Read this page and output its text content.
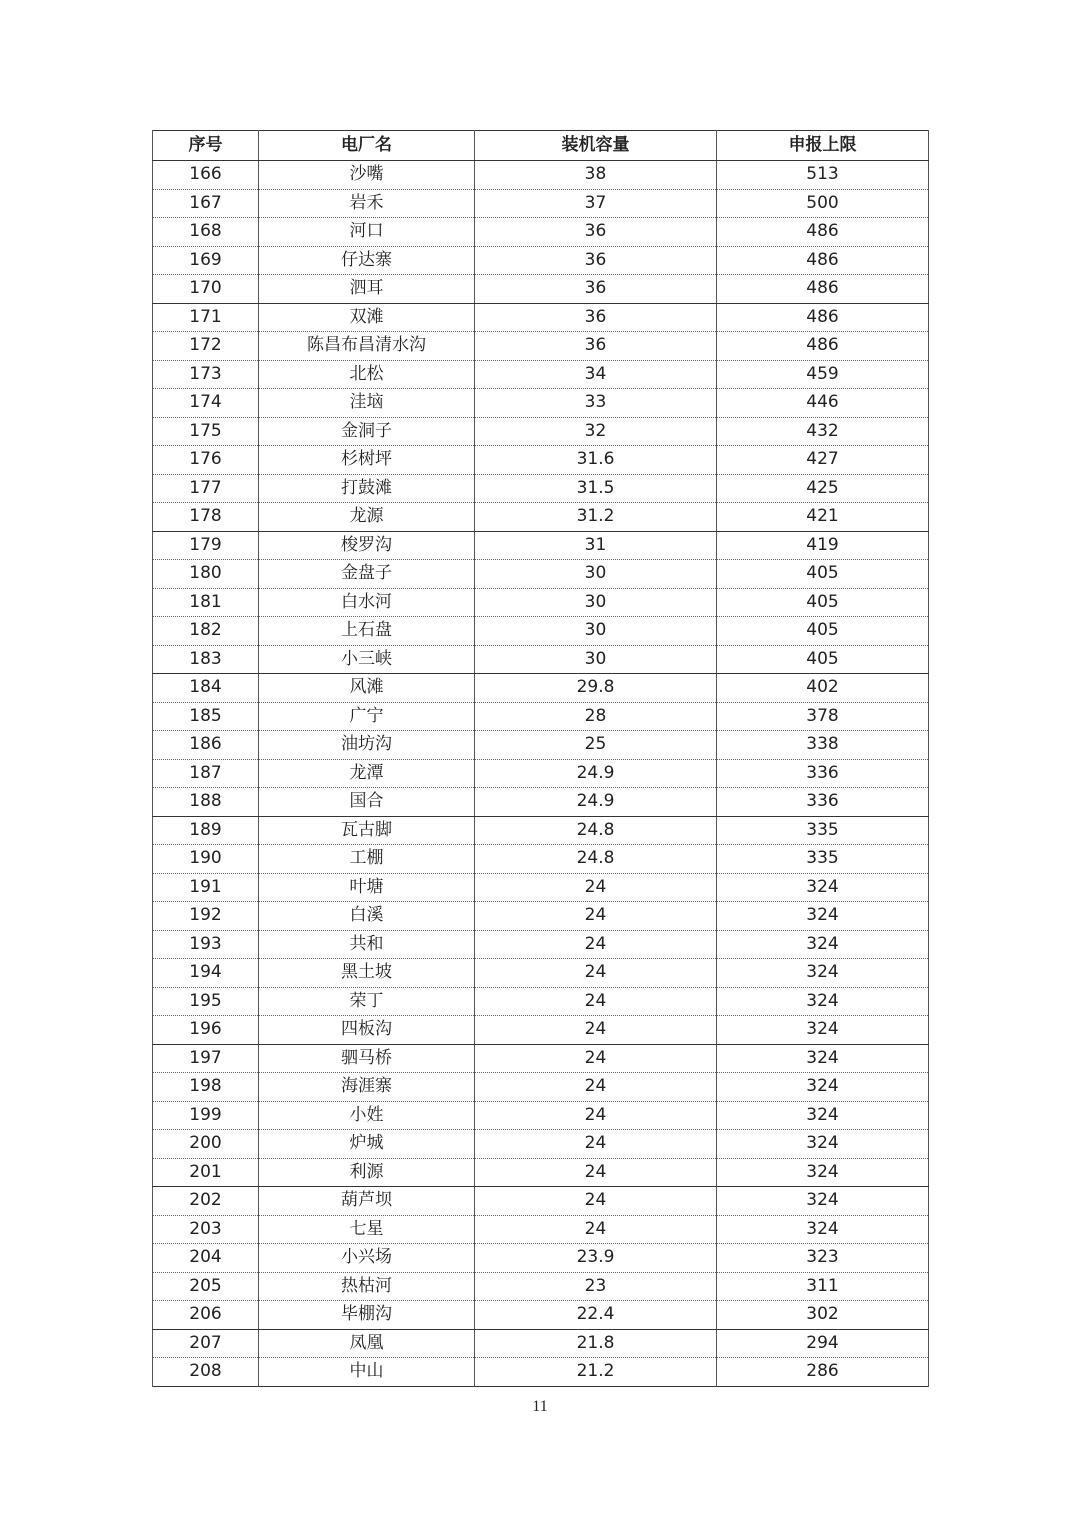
序号	电厂名	装机容量	申报上限
166	沙嘴	38	513
167	岩禾	37	500
168	河口	36	486
169	仔达寨	36	486
170	泗耳	36	486
171	双滩	36	486
172	陈昌布昌清水沟	36	486
173	北松	34	459
174	洼垴	33	446
175	金洞子	32	432
176	杉树坪	31.6	427
177	打鼓滩	31.5	425
178	龙源	31.2	421
179	梭罗沟	31	419
180	金盘子	30	405
181	白水河	30	405
182	上石盘	30	405
183	小三峡	30	405
184	风滩	29.8	402
185	广宁	28	378
186	油坊沟	25	338
187	龙潭	24.9	336
188	国合	24.9	336
189	瓦古脚	24.8	335
190	工棚	24.8	335
191	叶塘	24	324
192	白溪	24	324
193	共和	24	324
194	黑土坡	24	324
195	荣丁	24	324
196	四板沟	24	324
197	驷马桥	24	324
198	海涯寨	24	324
199	小姓	24	324
200	炉城	24	324
201	利源	24	324
202	葫芦坝	24	324
203	七星	24	324
204	小兴场	23.9	323
205	热枯河	23	311
206	毕棚沟	22.4	302
207	凤凰	21.8	294
208	中山	21.2	286
11
